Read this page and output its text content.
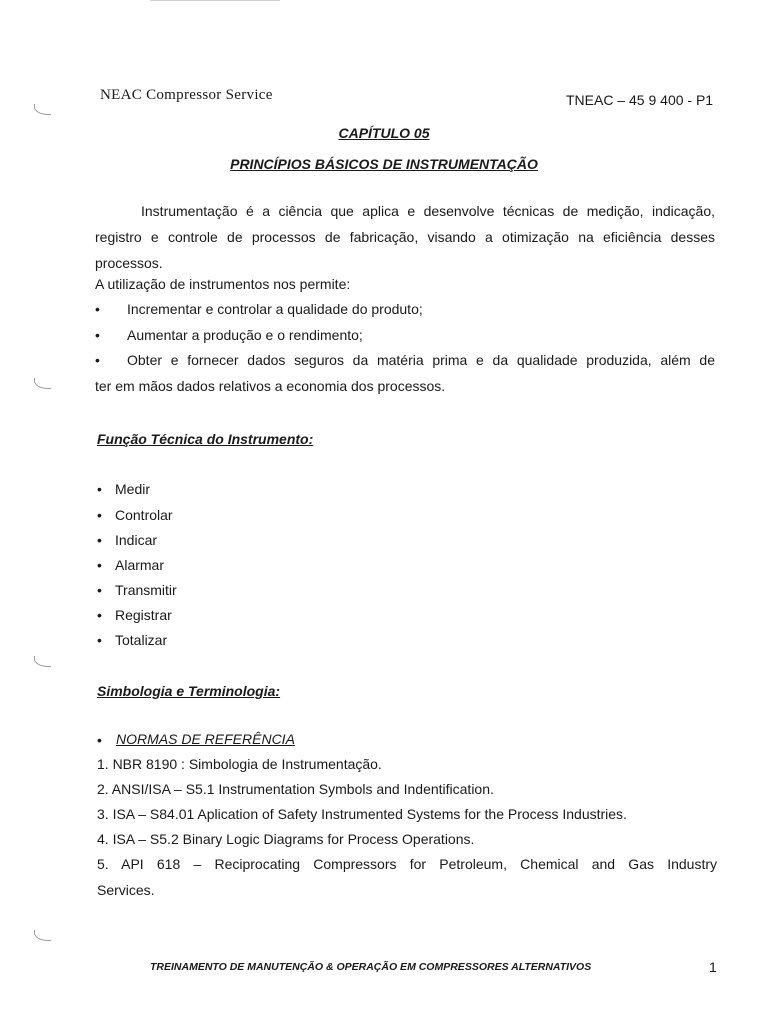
NEAC Compressor Service	TNEAC – 45 9 400 - P1
CAPÍTULO 05
PRINCÍPIOS BÁSICOS DE INSTRUMENTAÇÃO
Instrumentação é a ciência que aplica e desenvolve técnicas de medição, indicação, registro e controle de processos de fabricação, visando a otimização na eficiência desses processos.
A utilização de instrumentos nos permite:
• Incrementar e controlar a qualidade do produto;
• Aumentar a produção e o rendimento;
• Obter e fornecer dados seguros da matéria prima e da qualidade produzida, além de
ter em mãos dados relativos a economia dos processos.
Função Técnica do Instrumento:
• Medir
• Controlar
• Indicar
• Alarmar
• Transmitir
• Registrar
• Totalizar
Simbologia e Terminologia:
• NORMAS DE REFERÊNCIA
1. NBR 8190 : Simbologia de Instrumentação.
2. ANSI/ISA – S5.1 Instrumentation Symbols and Indentification.
3. ISA – S84.01 Aplication of Safety Instrumented Systems for the Process Industries.
4. ISA – S5.2 Binary Logic Diagrams for Process Operations.
5. API 618 – Reciprocating Compressors for Petroleum, Chemical and Gas Industry
Services.
TREINAMENTO DE MANUTENÇÃO & OPERAÇÃO EM COMPRESSORES ALTERNATIVOS	1
